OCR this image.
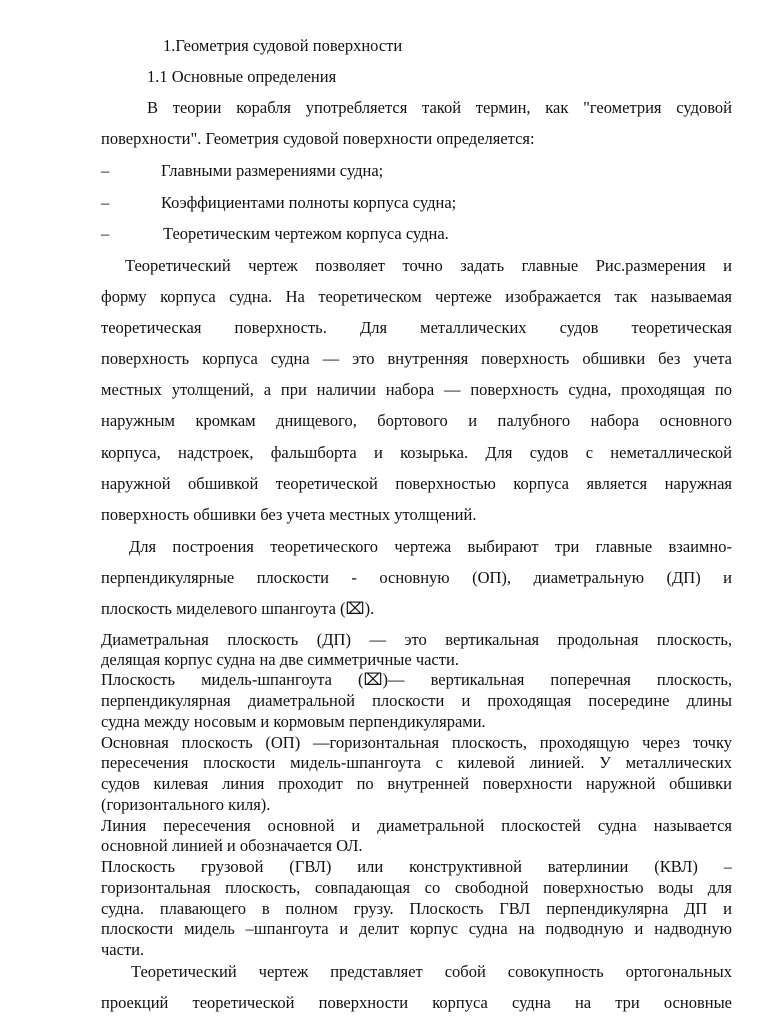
1.Геометрия судовой поверхности
1.1 Основные определения
В теории корабля употребляется такой термин, как "геометрия судовой
поверхности". Геометрия судовой поверхности определяется:
–	Главными размерениями судна;
–	Коэффициентами полноты корпуса судна;
–	Теоретическим чертежом корпуса судна.
Теоретический чертеж позволяет точно задать главные Рис.размерения и
форму корпуса судна. На теоретическом чертеже изображается так называемая
теоретическая поверхность. Для металлических судов теоретическая
поверхность корпуса судна — это внутренняя поверхность обшивки без учета
местных утолщений, а при наличии набора — поверхность судна, проходящая по
наружным кромкам днищевого, бортового и палубного набора основного
корпуса, надстроек, фальшборта и козырька. Для судов с неметаллической
наружной обшивкой теоретической поверхностью корпуса является наружная
поверхность обшивки без учета местных утолщений.
Для построения теоретического чертежа выбирают три главные взаимно-
перпендикулярные плоскости - основную (ОП), диаметральную (ДП) и
плоскость миделевого шпангоута (⌧).
Диаметральная плоскость (ДП) — это вертикальная продольная плоскость,
делящая корпус судна на две симметричные части.
Плоскость мидель-шпангоута (⌧)— вертикальная поперечная плоскость,
перпендикулярная диаметральной плоскости и проходящая посередине длины
судна между носовым и кормовым перпендикулярами.
Основная плоскость (ОП) —горизонтальная плоскость, проходящую через точку
пересечения плоскости мидель-шпангоута с килевой линией. У металлических
судов килевая линия проходит по внутренней поверхности наружной обшивки
(горизонтального киля).
Линия пересечения основной и диаметральной плоскостей судна называется
основной линией и обозначается ОЛ.
Плоскость грузовой (ГВЛ) или конструктивной ватерлинии (КВЛ) –
горизонтальная плоскость, совпадающая со свободной поверхностью воды для
судна. плавающего в полном грузу. Плоскость ГВЛ перпендикулярна ДП и
плоскости мидель –шпангоута и делит корпус судна на подводную и надводную
части.
Теоретический чертеж представляет собой совокупность ортогональных
проекций теоретической поверхности корпуса судна на три основные
